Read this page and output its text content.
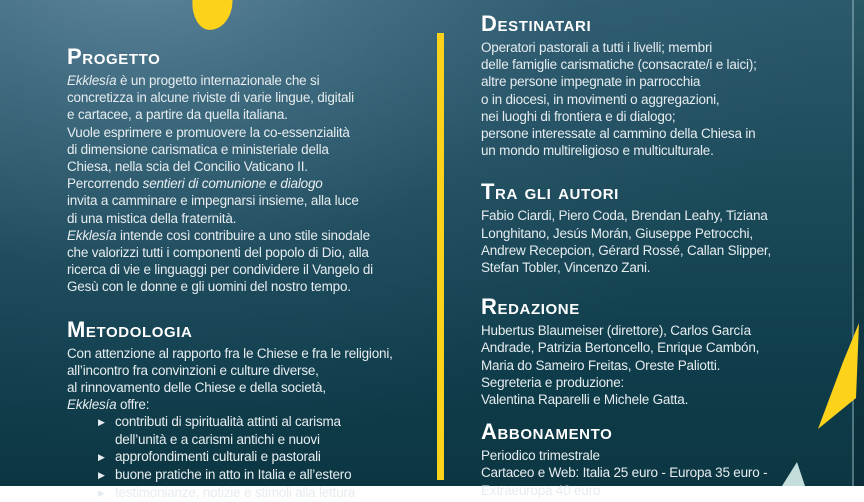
Progetto
Ekklesía è un progetto internazionale che si
concretizza in alcune riviste di varie lingue, digitali
e cartacee, a partire da quella italiana.
Vuole esprimere e promuovere la co-essenzialità
di dimensione carismatica e ministeriale della
Chiesa, nella scia del Concilio Vaticano II.
Percorrendo sentieri di comunione e dialogo
invita a camminare e impegnarsi insieme, alla luce
di una mistica della fraternità.
Ekklesía intende così contribuire a uno stile sinodale
che valorizzi tutti i componenti del popolo di Dio, alla
ricerca di vie e linguaggi per condividere il Vangelo di
Gesù con le donne e gli uomini del nostro tempo.
Metodologia
Con attenzione al rapporto fra le Chiese e fra le religioni,
all’incontro fra convinzioni e culture diverse,
al rinnovamento delle Chiese e della società,
Ekklesía offre:
▶ contributi di spiritualità attinti al carisma
dell’unità e a carismi antichi e nuovi
▶ approfondimenti culturali e pastorali
▶ buone pratiche in atto in Italia e all’estero
▶ testimonianze, notizie e stimoli alla lettura
Destinatari
Operatori pastorali a tutti i livelli; membri
delle famiglie carismatiche (consacrate/i e laici);
altre persone impegnate in parrocchia
o in diocesi, in movimenti o aggregazioni,
nei luoghi di frontiera e di dialogo;
persone interessate al cammino della Chiesa in
un mondo multireligioso e multiculturale.
Tra gli autori
Fabio Ciardi, Piero Coda, Brendan Leahy, Tiziana
Longhitano, Jesús Morán, Giuseppe Petrocchi,
Andrew Recepcion, Gérard Rossé, Callan Slipper,
Stefan Tobler, Vincenzo Zani.
Redazione
Hubertus Blaumeiser (direttore), Carlos García
Andrade, Patrizia Bertoncello, Enrique Cambón,
Maria do Sameiro Freitas, Oreste Paliotti.
Segreteria e produzione:
Valentina Raparelli e Michele Gatta.
Abbonamento
Periodico trimestrale
Cartaceo e Web: Italia 25 euro - Europa 35 euro -
Extraeuropa 40 euro
